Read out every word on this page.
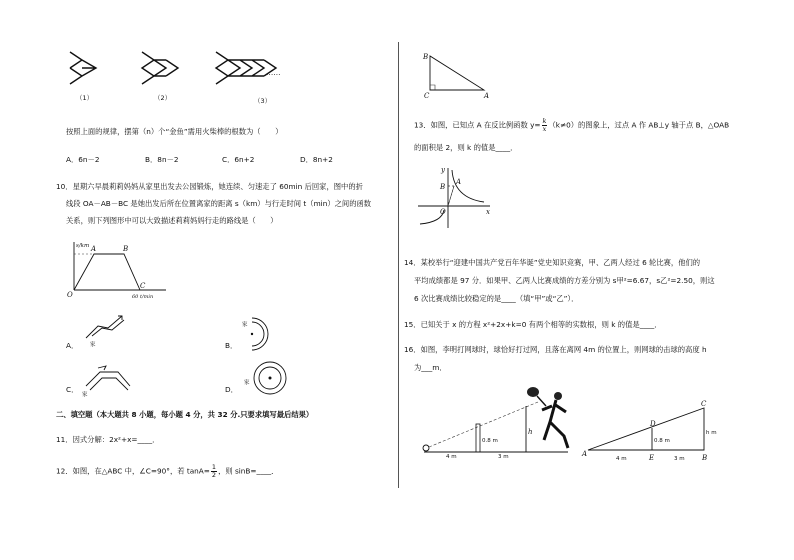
……
（1）	（2）	（3）
按照上面的规律，摆第（n）个“金鱼”需用火柴棒的根数为（　　）
A．6n－2	B．8n－2	C．6n+2	D．8n+2
10．星期六早晨莉莉妈妈从家里出发去公园锻炼，她连续、匀速走了 60min 后回家，图中的折
线段 OA－AB－BC 是她出发后所在位置离家的距离 s（km）与行走时间 t（min）之间的函数
关系，则下列图形中可以大致描述莉莉妈妈行走的路线是（　　）
s/km
60 t/min
O
A	B
C
家
A．
家
B．
家
C．
家
D．
二、填空题（本大题共 8 小题，每小题 4 分，共 32 分.只要求填写最后结果）
11．因式分解：2x²+x=____．
12．如图，在△ABC 中，∠C=90°，若 $\tan A= \frac{1}{2}$ ，则 sinB=____．
B
C	A
13．如图，已知点 A 在反比例函数 $y= \frac{k}{x} (k\ne 0)$的图象上，过点 A 作 AB⊥y 轴于点 B，△OAB
的面积是 2，则 k 的值是____．
y
x
O
A
B
14．某校举行“迎建中国共产党百年华诞”党史知识竞赛，甲、乙两人经过 6 轮比赛，他们的
平均成绩都是 97 分．如果甲、乙两人比赛成绩的方差分别为 s甲²=6.67，s乙²=2.50，则这
6 次比赛成绩比较稳定的是____（填“甲”或“乙”）．
15．已知关于 x 的方程 x²+2x+k=0 有两个相等的实数根，则 k 的值是____．
16．如图，李明打网球时，球恰好打过网，且落在离网 4m 的位置上，则网球的击球的高度 h
为___m．
0.8 m
h
4 m	3 m	A	E	B
C
D
0.8 m
h m
4 m	3 m
